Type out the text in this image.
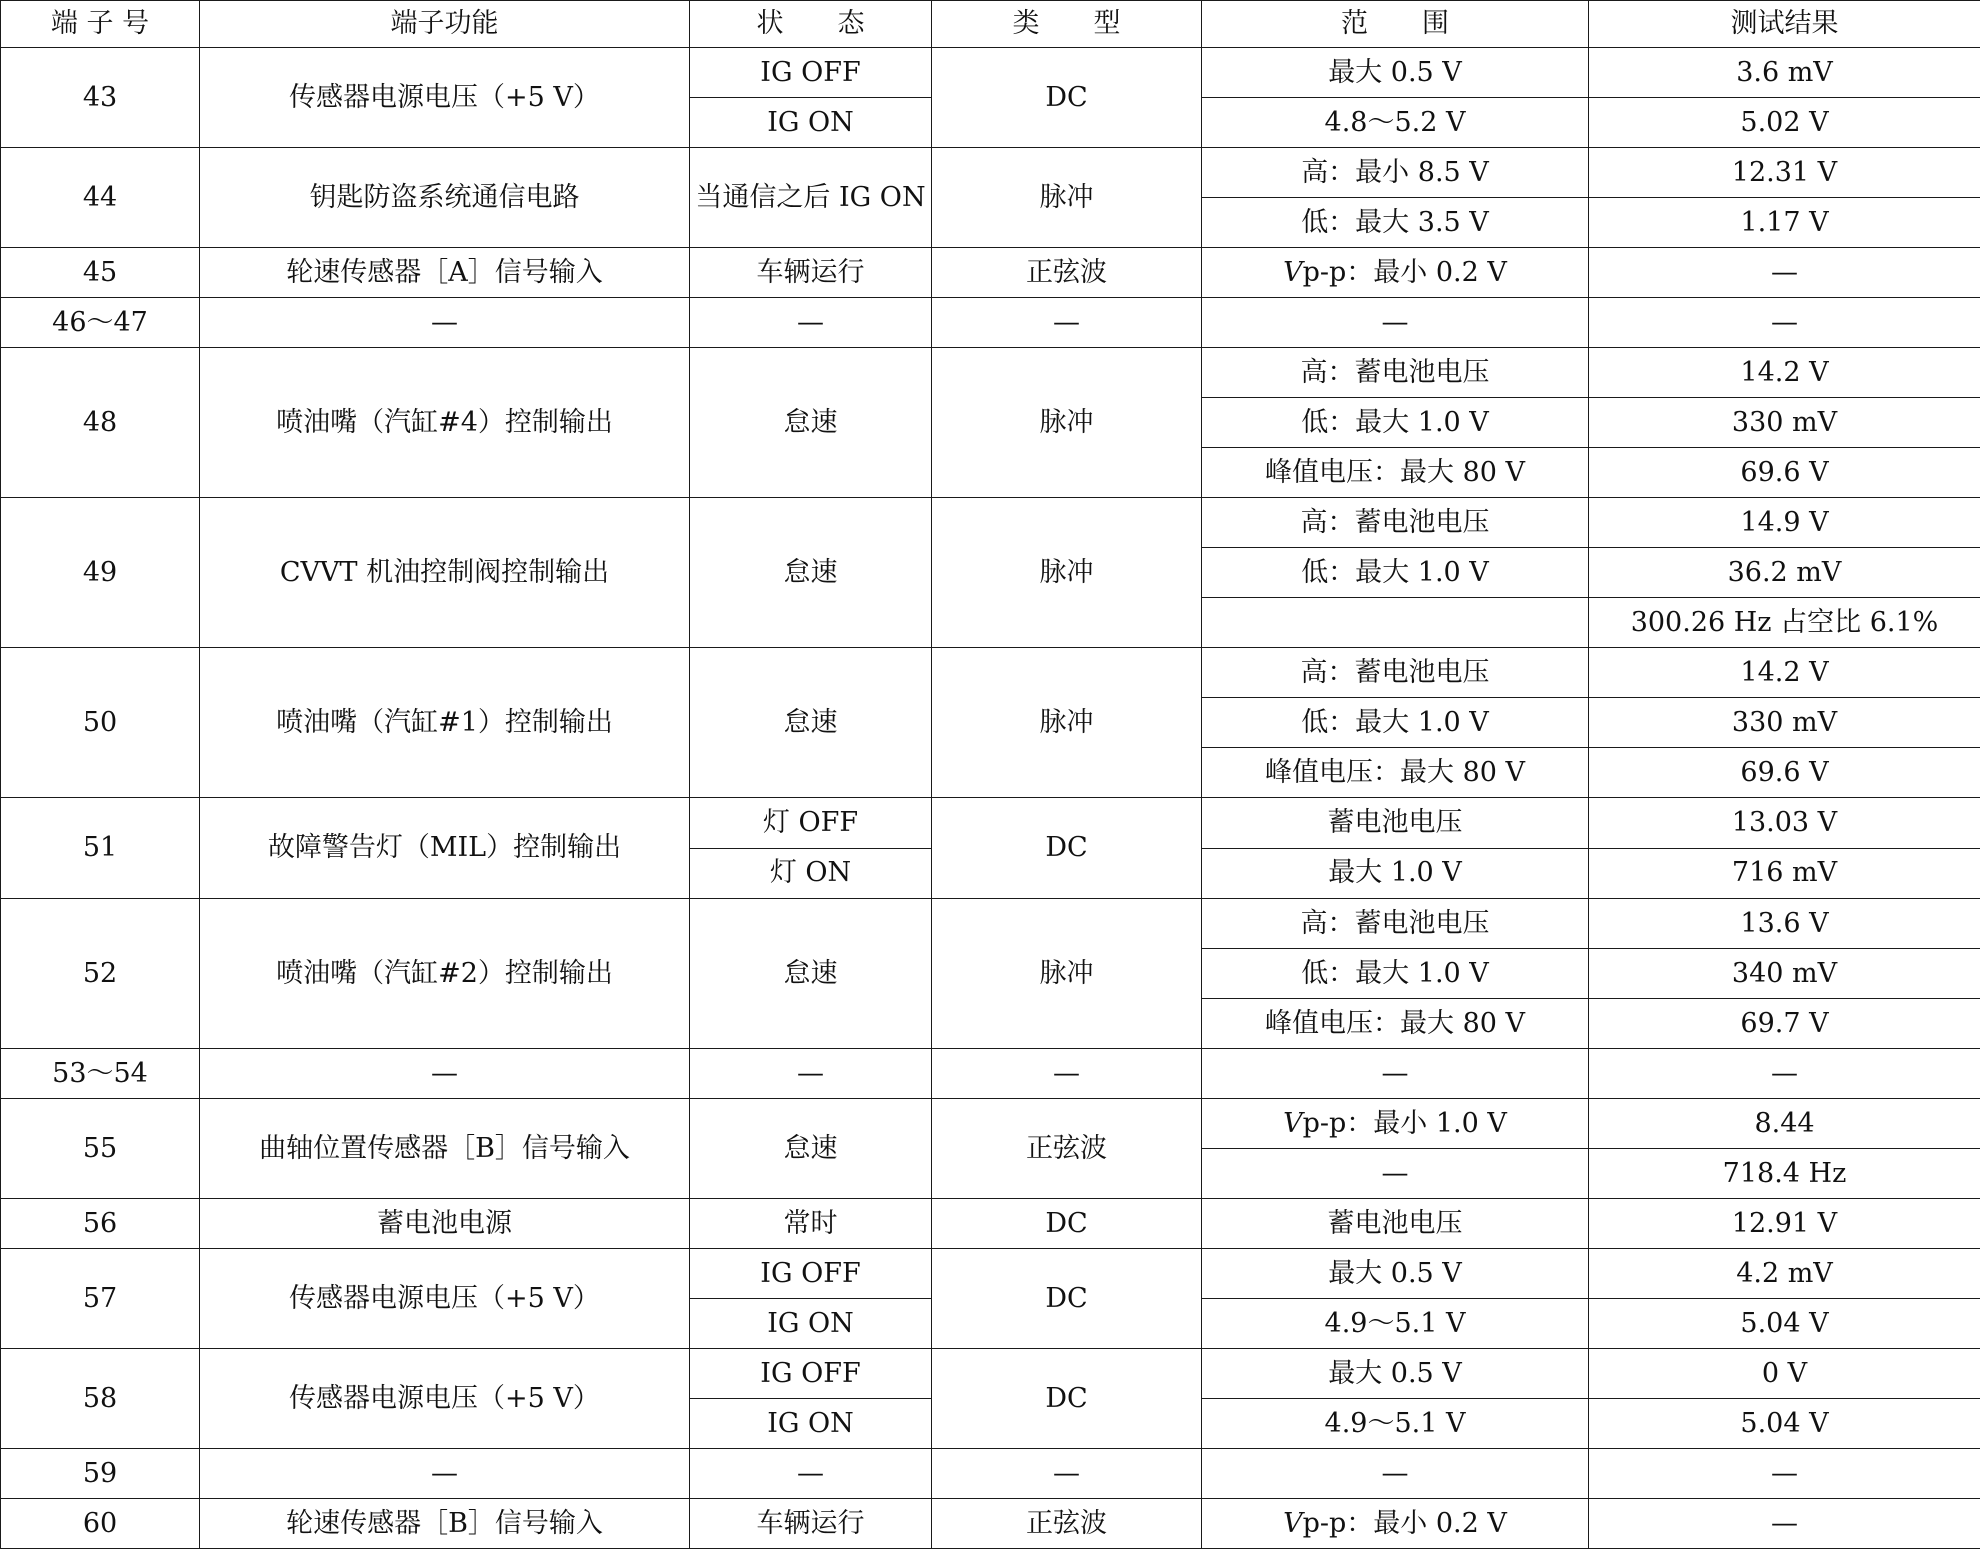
端 子 号	端子功能	状　　态	类　　型	范　　围	测试结果
43	传感器电源电压（+5 V）	IG OFF	DC	最大 0.5 V	3.6 mV
		IG ON		4.8～5.2 V	5.02 V
44	钥匙防盗系统通信电路	当通信之后 IG ON	脉冲	高：最小 8.5 V	12.31 V
				低：最大 3.5 V	1.17 V
45	轮速传感器［A］信号输入	车辆运行	正弦波	Vp-p：最小 0.2 V	—
46～47	—	—	—	—	—
48	喷油嘴（汽缸#4）控制输出	怠速	脉冲	高：蓄电池电压	14.2 V
				低：最大 1.0 V	330 mV
				峰值电压：最大 80 V	69.6 V
49	CVVT 机油控制阀控制输出	怠速	脉冲	高：蓄电池电压	14.9 V
				低：最大 1.0 V	36.2 mV
					300.26 Hz 占空比 6.1%
50	喷油嘴（汽缸#1）控制输出	怠速	脉冲	高：蓄电池电压	14.2 V
				低：最大 1.0 V	330 mV
				峰值电压：最大 80 V	69.6 V
51	故障警告灯（MIL）控制输出	灯 OFF	DC	蓄电池电压	13.03 V
		灯 ON		最大 1.0 V	716 mV
52	喷油嘴（汽缸#2）控制输出	怠速	脉冲	高：蓄电池电压	13.6 V
				低：最大 1.0 V	340 mV
				峰值电压：最大 80 V	69.7 V
53～54	—	—	—	—	—
55	曲轴位置传感器［B］信号输入	怠速	正弦波	Vp-p：最小 1.0 V	8.44
				—	718.4 Hz
56	蓄电池电源	常时	DC	蓄电池电压	12.91 V
57	传感器电源电压（+5 V）	IG OFF	DC	最大 0.5 V	4.2 mV
		IG ON		4.9～5.1 V	5.04 V
58	传感器电源电压（+5 V）	IG OFF	DC	最大 0.5 V	0 V
		IG ON		4.9～5.1 V	5.04 V
59	—	—	—	—	—
60	轮速传感器［B］信号输入	车辆运行	正弦波	Vp-p：最小 0.2 V	—
